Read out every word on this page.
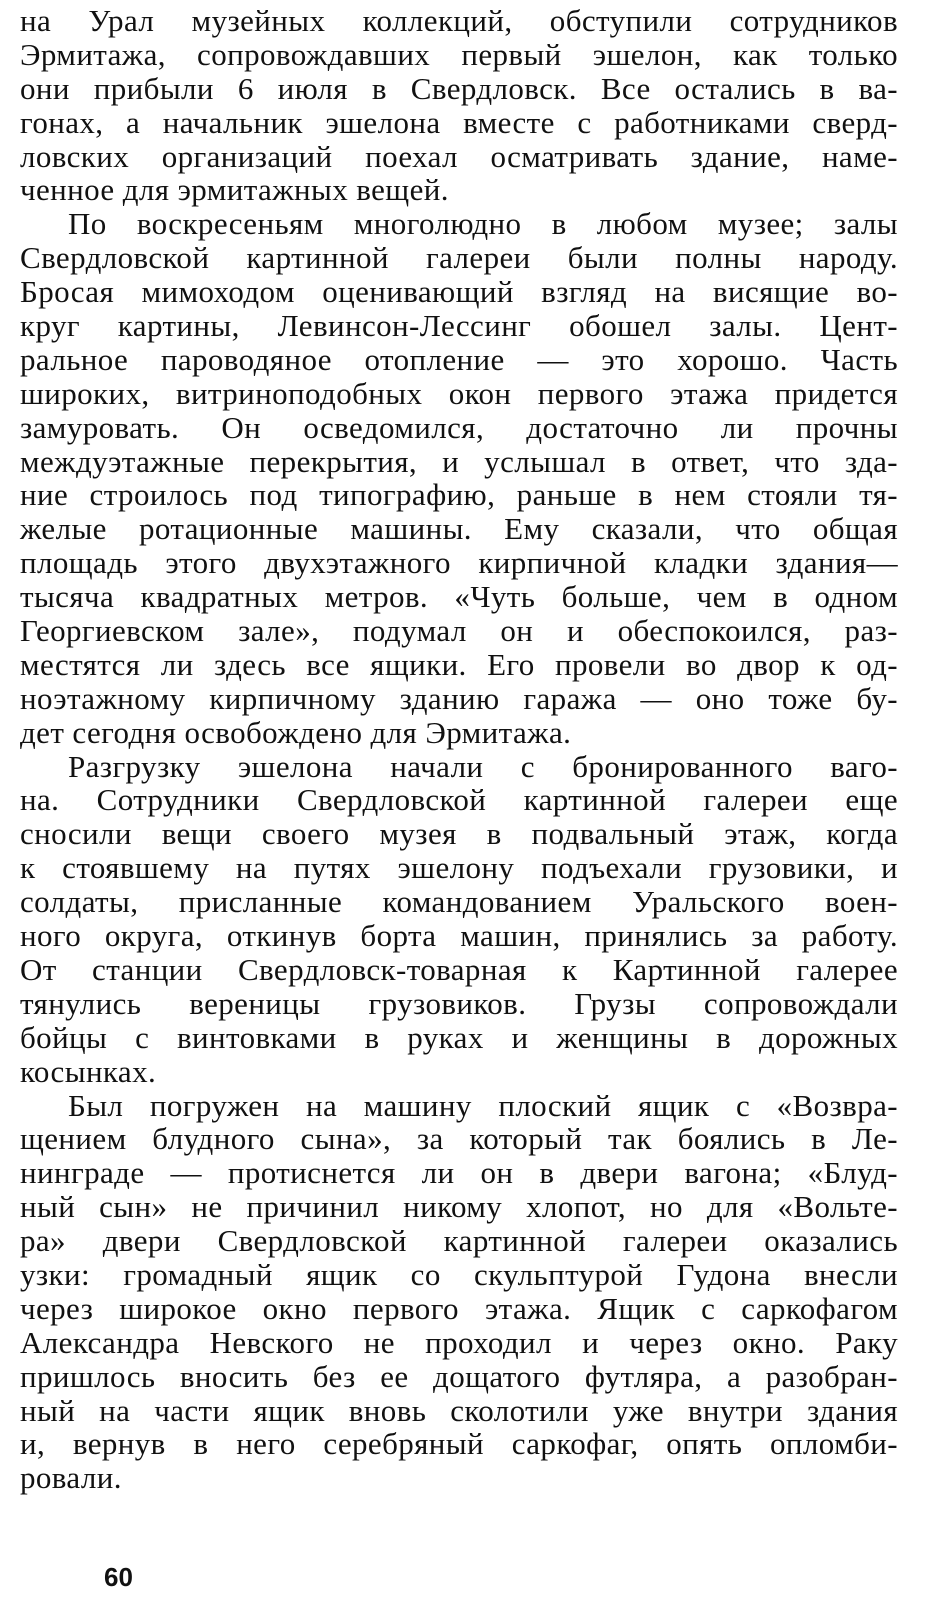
на Урал музейных коллекций, обступили сотрудников
Эрмитажа, сопровождавших первый эшелон, как только
они прибыли 6 июля в Свердловск. Все остались в ва-
гонах, а начальник эшелона вместе с работниками сверд-
ловских организаций поехал осматривать здание, наме-
ченное для эрмитажных вещей.
По воскресеньям многолюдно в любом музее; залы
Свердловской картинной галереи были полны народу.
Бросая мимоходом оценивающий взгляд на висящие во-
круг картины, Левинсон-Лессинг обошел залы. Цент-
ральное пароводяное отопление — это хорошо. Часть
широких, витриноподобных окон первого этажа придется
замуровать. Он осведомился, достаточно ли прочны
междуэтажные перекрытия, и услышал в ответ, что зда-
ние строилось под типографию, раньше в нем стояли тя-
желые ротационные машины. Ему сказали, что общая
площадь этого двухэтажного кирпичной кладки здания—
тысяча квадратных метров. «Чуть больше, чем в одном
Георгиевском зале», подумал он и обеспокоился, раз-
местятся ли здесь все ящики. Его провели во двор к од-
ноэтажному кирпичному зданию гаража — оно тоже бу-
дет сегодня освобождено для Эрмитажа.
Разгрузку эшелона начали с бронированного ваго-
на. Сотрудники Свердловской картинной галереи еще
сносили вещи своего музея в подвальный этаж, когда
к стоявшему на путях эшелону подъехали грузовики, и
солдаты, присланные командованием Уральского воен-
ного округа, откинув борта машин, принялись за работу.
От станции Свердловск-товарная к Картинной галерее
тянулись вереницы грузовиков. Грузы сопровождали
бойцы с винтовками в руках и женщины в дорожных
косынках.
Был погружен на машину плоский ящик с «Возвра-
щением блудного сына», за который так боялись в Ле-
нинграде — протиснется ли он в двери вагона; «Блуд-
ный сын» не причинил никому хлопот, но для «Вольте-
ра» двери Свердловской картинной галереи оказались
узки: громадный ящик со скульптурой Гудона внесли
через широкое окно первого этажа. Ящик с саркофагом
Александра Невского не проходил и через окно. Раку
пришлось вносить без ее дощатого футляра, а разобран-
ный на части ящик вновь сколотили уже внутри здания
и, вернув в него серебряный саркофаг, опять опломби-
ровали.
60
